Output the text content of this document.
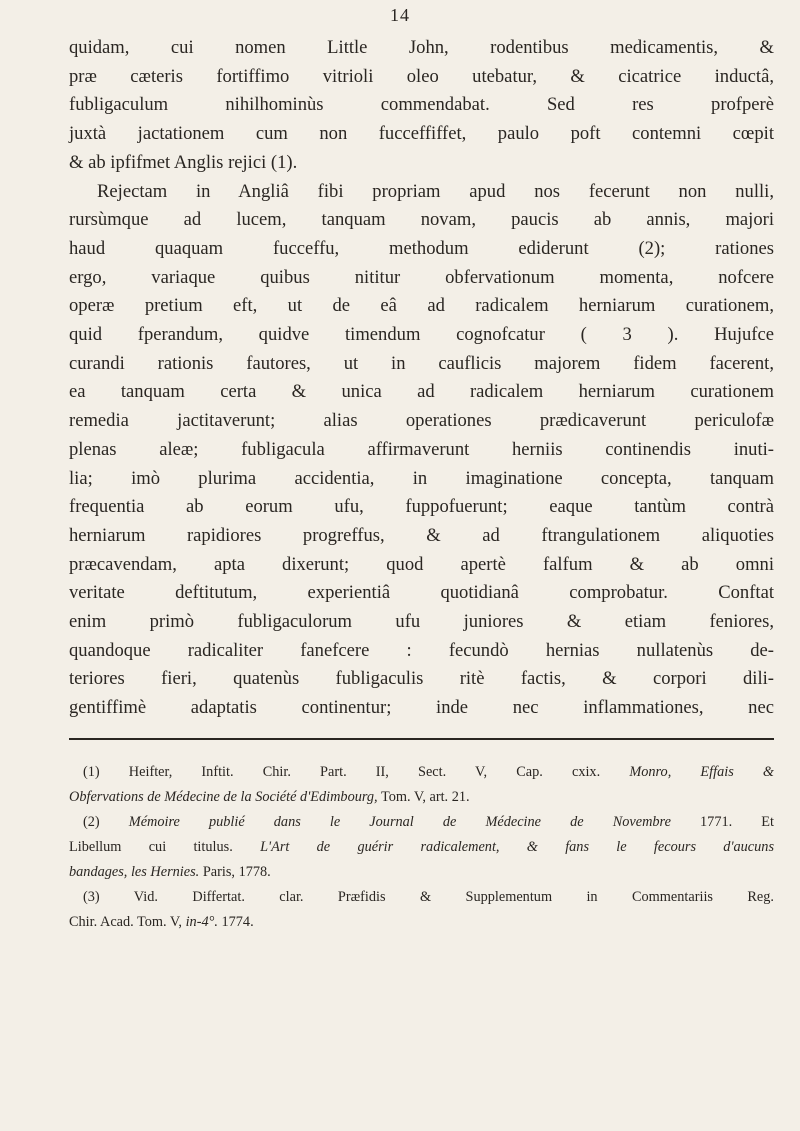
14
quidam, cui nomen Little John, rodentibus medicamentis, &
præ cæteris fortiffimo vitrioli oleo utebatur, & cicatrice inductâ,
fubligaculum nihilhominùs commendabat. Sed res profperè
juxtà jactationem cum non fucceffiffet, paulo poft contemni cœpit
& ab ipfifmet Anglis rejici (1).
Rejectam in Angliâ fibi propriam apud nos fecerunt non nulli,
rursùmque ad lucem, tanquam novam, paucis ab annis, majori
haud quaquam fucceffu, methodum ediderunt (2); rationes
ergo, variaque quibus nititur obfervationum momenta, nofcere
operæ pretium eft, ut de eâ ad radicalem herniarum curationem,
quid fperandum, quidve timendum cognofcatur ( 3 ). Hujufce
curandi rationis fautores, ut in cauflicis majorem fidem facerent,
ea tanquam certa & unica ad radicalem herniarum curationem
remedia jactitaverunt; alias operationes prædicaverunt periculofæ
plenas aleæ; fubligacula affirmaverunt herniis continendis inuti-
lia; imò plurima accidentia, in imaginatione concepta, tanquam
frequentia ab eorum ufu, fuppofuerunt; eaque tantùm contrà
herniarum rapidiores progreffus, & ad ftrangulationem aliquoties
præcavendam, apta dixerunt; quod apertè falfum & ab omni
veritate deftitutum, experientiâ quotidianâ comprobatur. Conftat
enim primò fubligaculorum ufu juniores & etiam feniores,
quandoque radicaliter fanefcere : fecundò hernias nullatenùs de-
teriores fieri, quatenùs fubligaculis ritè factis, & corpori dili-
gentiffimè adaptatis continentur; inde nec inflammationes, nec
(1) Heifter, Inftit. Chir. Part. II, Sect. V, Cap. cxix. Monro, Effais &
Obfervations de Médecine de la Société d'Edimbourg, Tom. V, art. 21.
(2) Mémoire publié dans le Journal de Médecine de Novembre 1771. Et
Libellum cui titulus. L'Art de guérir radicalement, & fans le fecours d'aucuns
bandages, les Hernies. Paris, 1778.
(3) Vid. Differtat. clar. Præfidis & Supplementum in Commentariis Reg.
Chir. Acad. Tom. V, in-4°. 1774.
